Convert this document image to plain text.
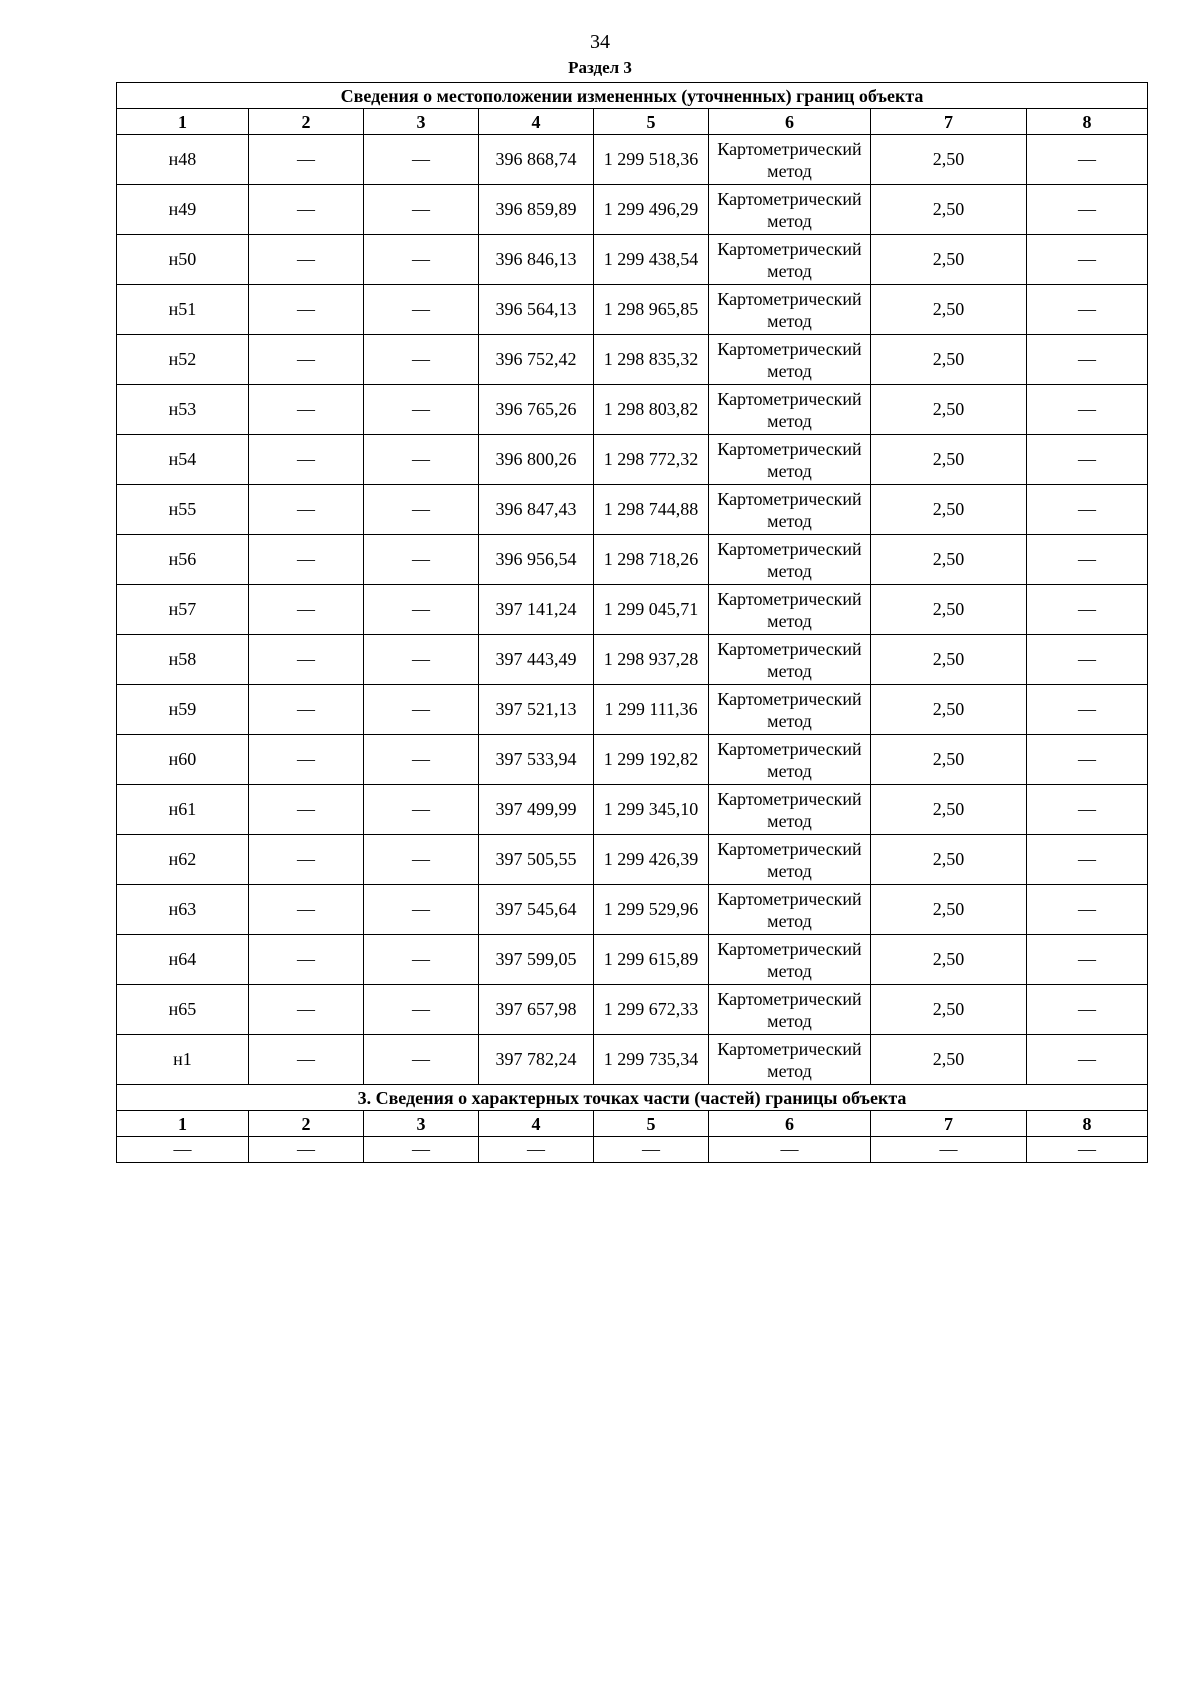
34
Раздел 3
Сведения о местоположении измененных (уточненных) границ объекта							
1	2	3	4	5	6	7	8
н48	—	—	396 868,74	1 299 518,36	Картометрический метод	2,50	—
н49	—	—	396 859,89	1 299 496,29	Картометрический метод	2,50	—
н50	—	—	396 846,13	1 299 438,54	Картометрический метод	2,50	—
н51	—	—	396 564,13	1 298 965,85	Картометрический метод	2,50	—
н52	—	—	396 752,42	1 298 835,32	Картометрический метод	2,50	—
н53	—	—	396 765,26	1 298 803,82	Картометрический метод	2,50	—
н54	—	—	396 800,26	1 298 772,32	Картометрический метод	2,50	—
н55	—	—	396 847,43	1 298 744,88	Картометрический метод	2,50	—
н56	—	—	396 956,54	1 298 718,26	Картометрический метод	2,50	—
н57	—	—	397 141,24	1 299 045,71	Картометрический метод	2,50	—
н58	—	—	397 443,49	1 298 937,28	Картометрический метод	2,50	—
н59	—	—	397 521,13	1 299 111,36	Картометрический метод	2,50	—
н60	—	—	397 533,94	1 299 192,82	Картометрический метод	2,50	—
н61	—	—	397 499,99	1 299 345,10	Картометрический метод	2,50	—
н62	—	—	397 505,55	1 299 426,39	Картометрический метод	2,50	—
н63	—	—	397 545,64	1 299 529,96	Картометрический метод	2,50	—
н64	—	—	397 599,05	1 299 615,89	Картометрический метод	2,50	—
н65	—	—	397 657,98	1 299 672,33	Картометрический метод	2,50	—
н1	—	—	397 782,24	1 299 735,34	Картометрический метод	2,50	—
3. Сведения о характерных точках части (частей) границы объекта							
1	2	3	4	5	6	7	8
—	—	—	—	—	—	—	—
